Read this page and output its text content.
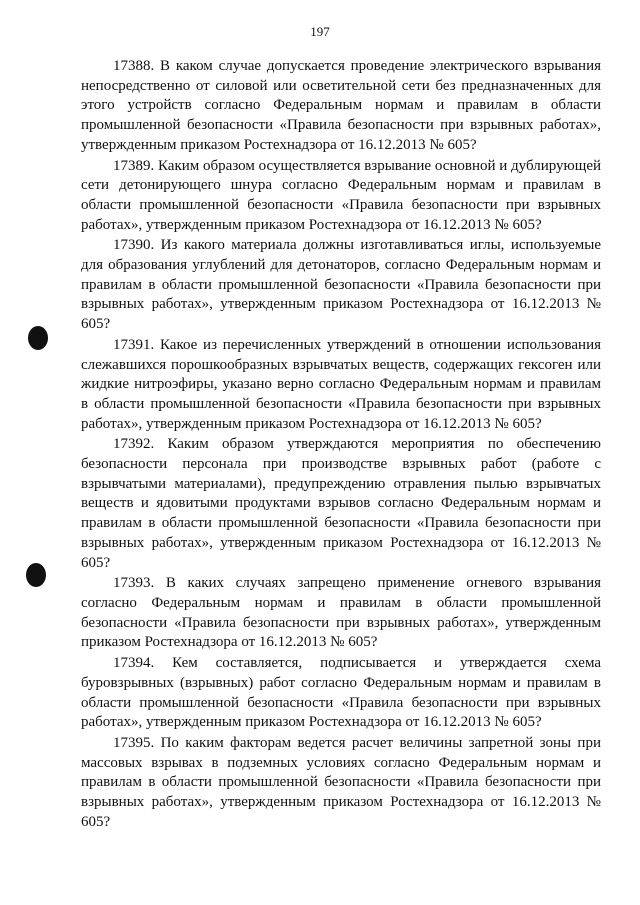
197

17388. В каком случае допускается проведение электрического взрывания непосредственно от силовой или осветительной сети без предназначенных для этого устройств согласно Федеральным нормам и правилам в области промышленной безопасности «Правила безопасности при взрывных работах», утвержденным приказом Ростехнадзора от 16.12.2013 № 605?

17389. Каким образом осуществляется взрывание основной и дублирующей сети детонирующего шнура согласно Федеральным нормам и правилам в области промышленной безопасности «Правила безопасности при взрывных работах», утвержденным приказом Ростехнадзора от 16.12.2013 № 605?

17390. Из какого материала должны изготавливаться иглы, используемые для образования углублений для детонаторов, согласно Федеральным нормам и правилам в области промышленной безопасности «Правила безопасности при взрывных работах», утвержденным приказом Ростехнадзора от 16.12.2013 № 605?

17391. Какое из перечисленных утверждений в отношении использования слежавшихся порошкообразных взрывчатых веществ, содержащих гексоген или жидкие нитроэфиры, указано верно согласно Федеральным нормам и правилам в области промышленной безопасности «Правила безопасности при взрывных работах», утвержденным приказом Ростехнадзора от 16.12.2013 № 605?

17392. Каким образом утверждаются мероприятия по обеспечению безопасности персонала при производстве взрывных работ (работе с взрывчатыми материалами), предупреждению отравления пылью взрывчатых веществ и ядовитыми продуктами взрывов согласно Федеральным нормам и правилам в области промышленной безопасности «Правила безопасности при взрывных работах», утвержденным приказом Ростехнадзора от 16.12.2013 № 605?

17393. В каких случаях запрещено применение огневого взрывания согласно Федеральным нормам и правилам в области промышленной безопасности «Правила безопасности при взрывных работах», утвержденным приказом Ростехнадзора от 16.12.2013 № 605?

17394. Кем составляется, подписывается и утверждается схема буровзрывных (взрывных) работ согласно Федеральным нормам и правилам в области промышленной безопасности «Правила безопасности при взрывных работах», утвержденным приказом Ростехнадзора от 16.12.2013 № 605?

17395. По каким факторам ведется расчет величины запретной зоны при массовых взрывах в подземных условиях согласно Федеральным нормам и правилам в области промышленной безопасности «Правила безопасности при взрывных работах», утвержденным приказом Ростехнадзора от 16.12.2013 № 605?
